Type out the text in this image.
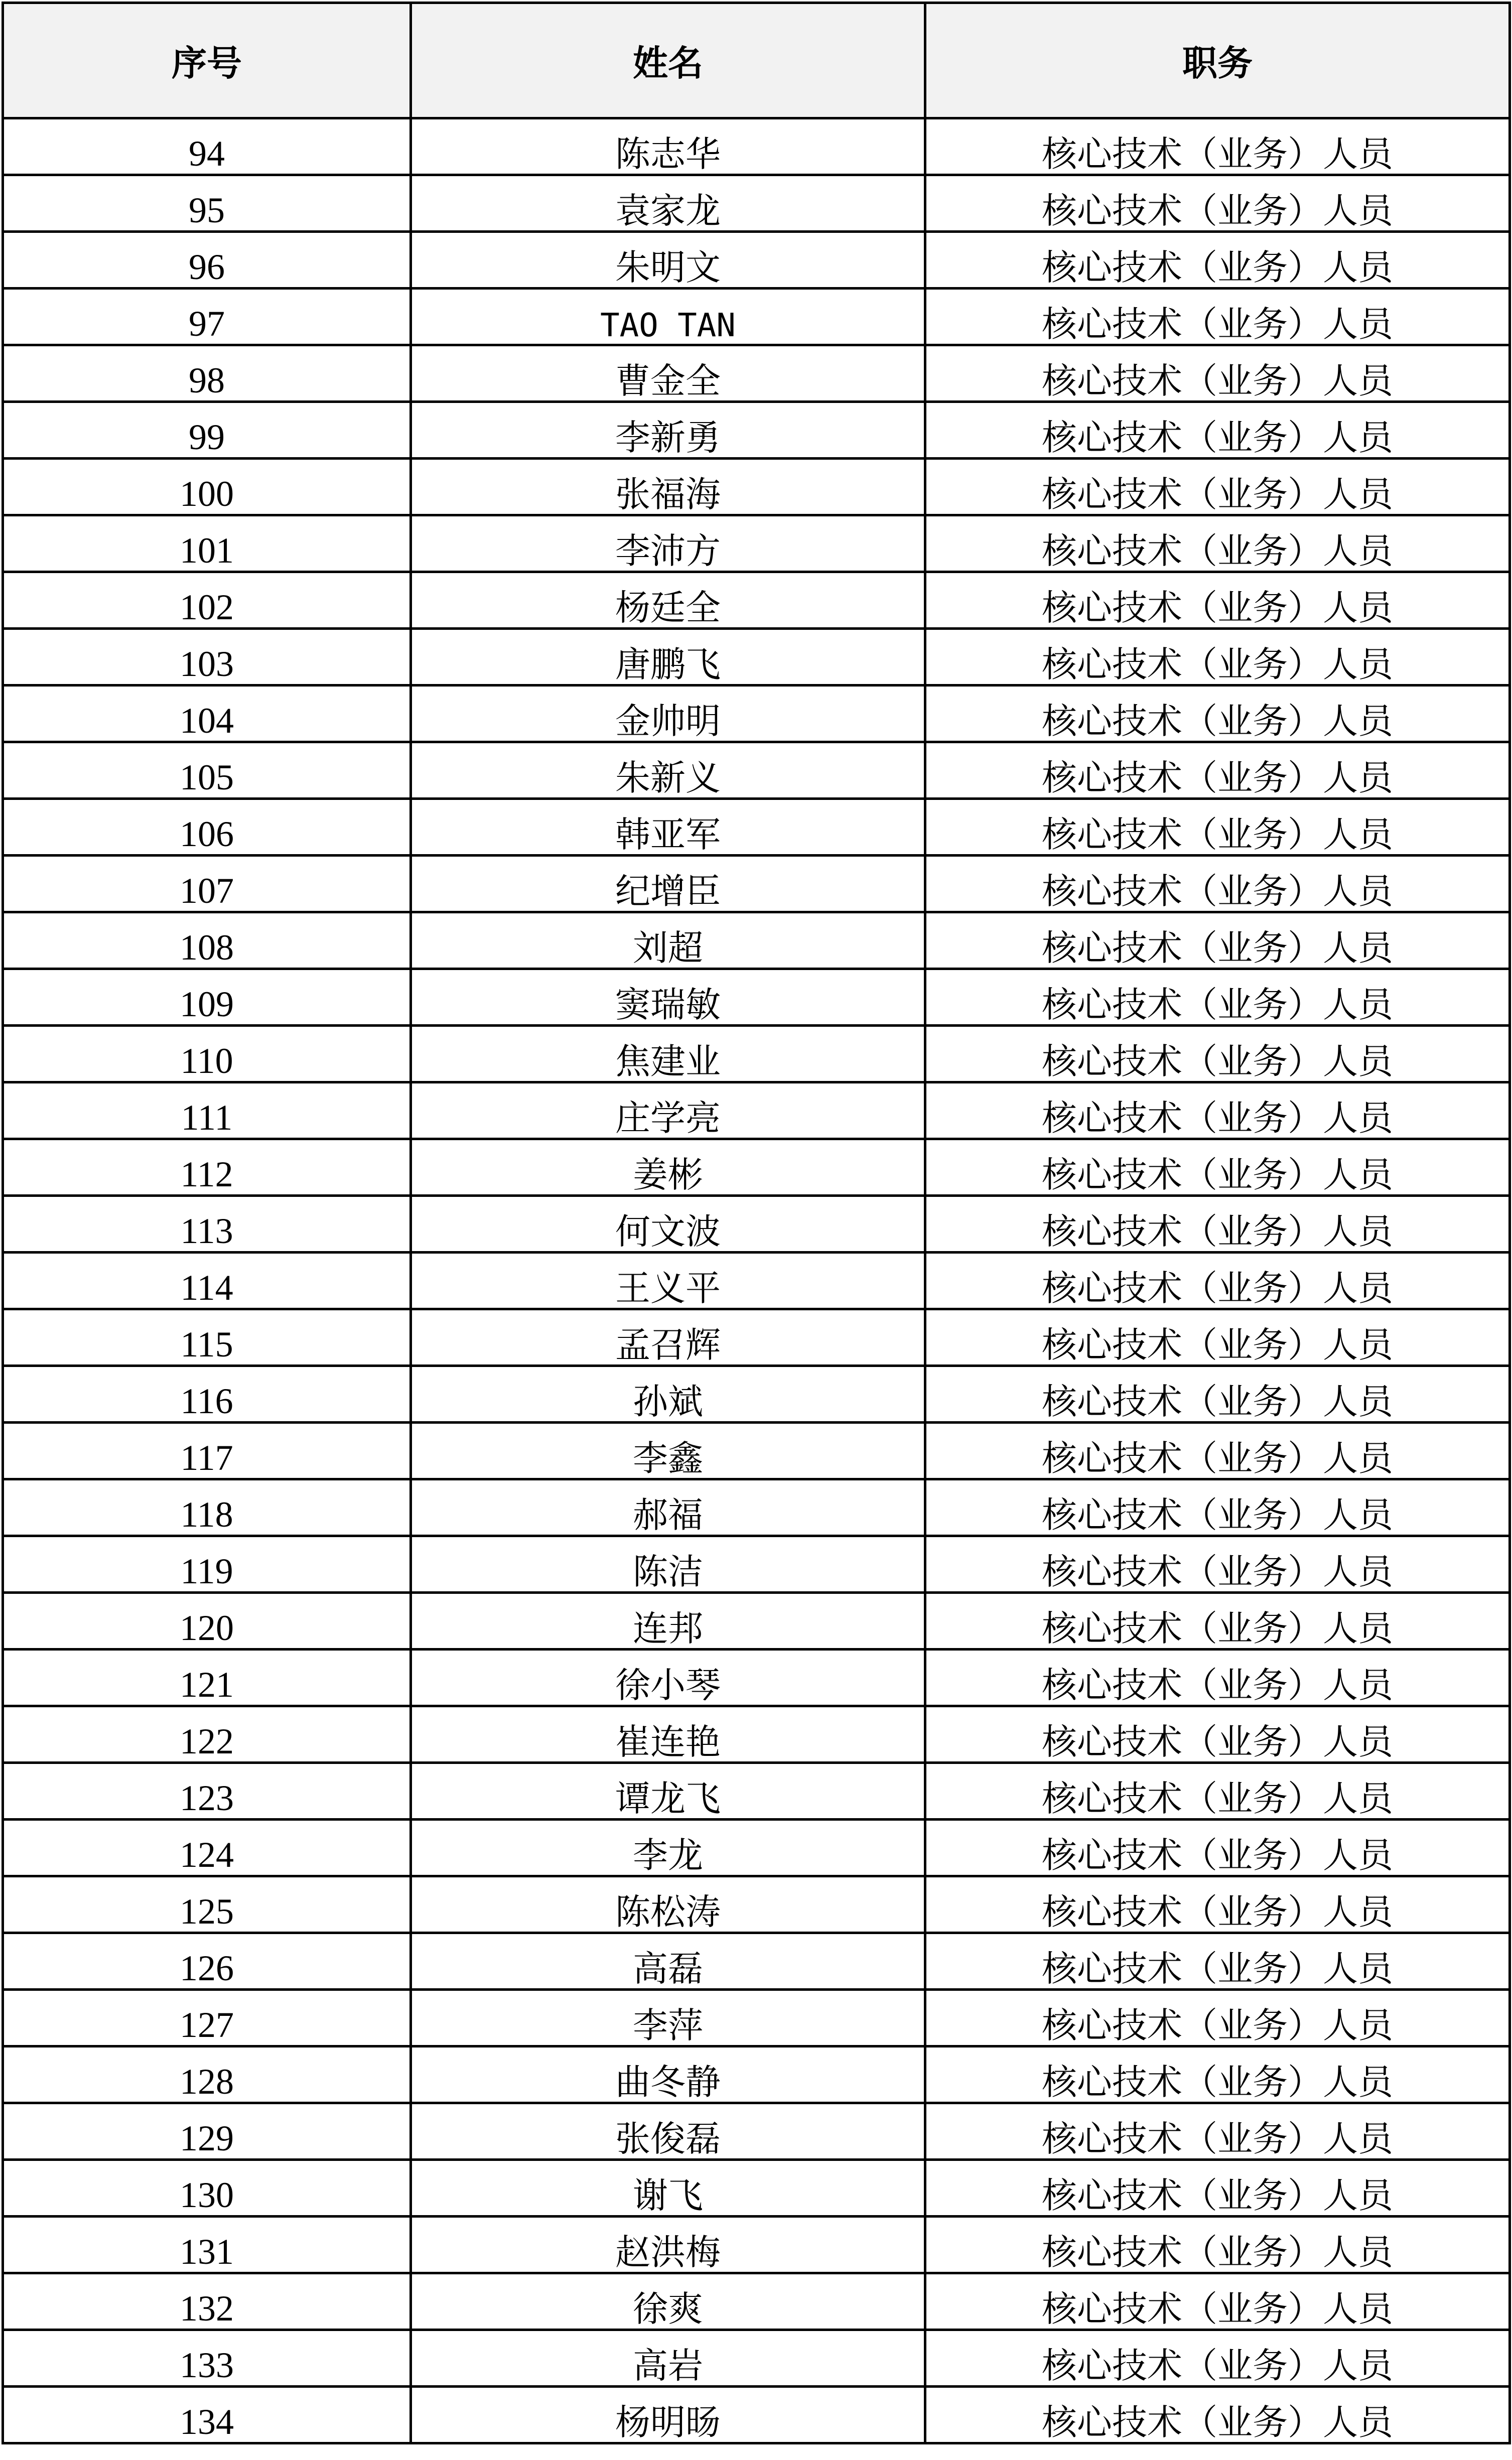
序号	姓名	职务
94	陈志华	核心技术（业务）人员
95	袁家龙	核心技术（业务）人员
96	朱明文	核心技术（业务）人员
97	TAO TAN	核心技术（业务）人员
98	曹金全	核心技术（业务）人员
99	李新勇	核心技术（业务）人员
100	张福海	核心技术（业务）人员
101	李沛方	核心技术（业务）人员
102	杨廷全	核心技术（业务）人员
103	唐鹏飞	核心技术（业务）人员
104	金帅明	核心技术（业务）人员
105	朱新义	核心技术（业务）人员
106	韩亚军	核心技术（业务）人员
107	纪增臣	核心技术（业务）人员
108	刘超	核心技术（业务）人员
109	窦瑞敏	核心技术（业务）人员
110	焦建业	核心技术（业务）人员
111	庄学亮	核心技术（业务）人员
112	姜彬	核心技术（业务）人员
113	何文波	核心技术（业务）人员
114	王义平	核心技术（业务）人员
115	孟召辉	核心技术（业务）人员
116	孙斌	核心技术（业务）人员
117	李鑫	核心技术（业务）人员
118	郝福	核心技术（业务）人员
119	陈洁	核心技术（业务）人员
120	连邦	核心技术（业务）人员
121	徐小琴	核心技术（业务）人员
122	崔连艳	核心技术（业务）人员
123	谭龙飞	核心技术（业务）人员
124	李龙	核心技术（业务）人员
125	陈松涛	核心技术（业务）人员
126	高磊	核心技术（业务）人员
127	李萍	核心技术（业务）人员
128	曲冬静	核心技术（业务）人员
129	张俊磊	核心技术（业务）人员
130	谢飞	核心技术（业务）人员
131	赵洪梅	核心技术（业务）人员
132	徐爽	核心技术（业务）人员
133	高岩	核心技术（业务）人员
134	杨明旸	核心技术（业务）人员
